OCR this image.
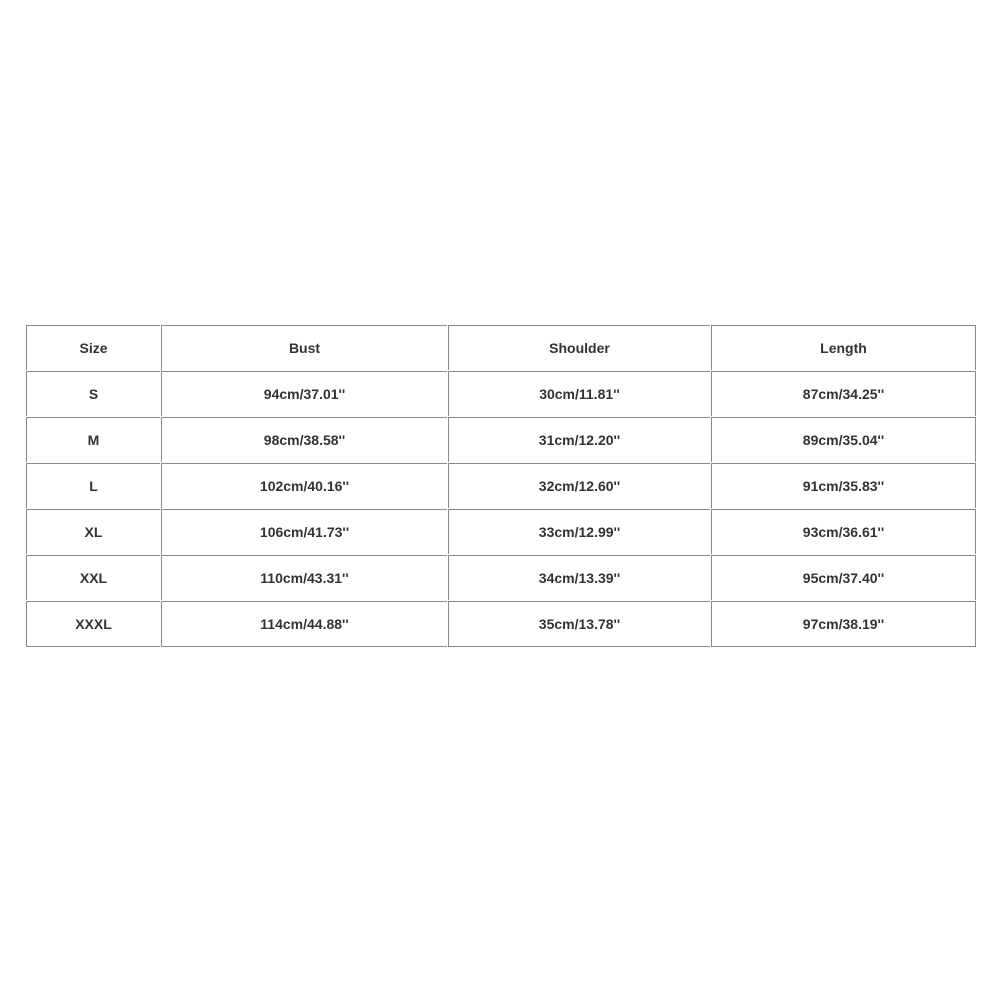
Size	Bust	Shoulder	Length
S	94cm/37.01''	30cm/11.81''	87cm/34.25''
M	98cm/38.58''	31cm/12.20''	89cm/35.04''
L	102cm/40.16''	32cm/12.60''	91cm/35.83''
XL	106cm/41.73''	33cm/12.99''	93cm/36.61''
XXL	110cm/43.31''	34cm/13.39''	95cm/37.40''
XXXL	114cm/44.88''	35cm/13.78''	97cm/38.19''
